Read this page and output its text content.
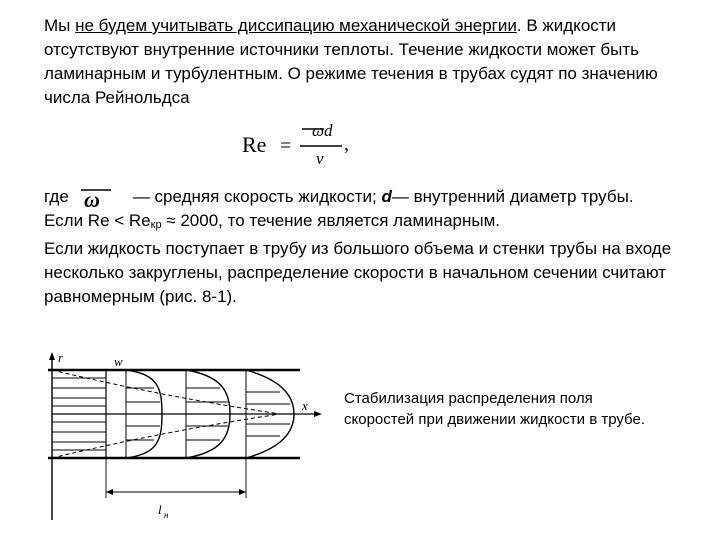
Мы не будем учитывать диссипацию механической энергии. В жидкости отсутствуют внутренние источники теплоты. Течение жидкости может быть ламинарным и турбулентным. О режиме течения в трубах судят по значению числа Рейнольдса

Re =
ωd
ν
,
где	— средняя скорость жидкости; d— внутренний диаметр трубы.
Если $Re < Re_{кр} \approx 2000$, то течение является ламинарным.
Если жидкость поступает в трубу из большого объема и стенки трубы на входе несколько закруглены, распределение скорости в начальном сечении считают равномерным (рис. 8-1).
ω
r
x
w
l н

Стабилизация распределения поля скоростей при движении жидкости в трубе.
